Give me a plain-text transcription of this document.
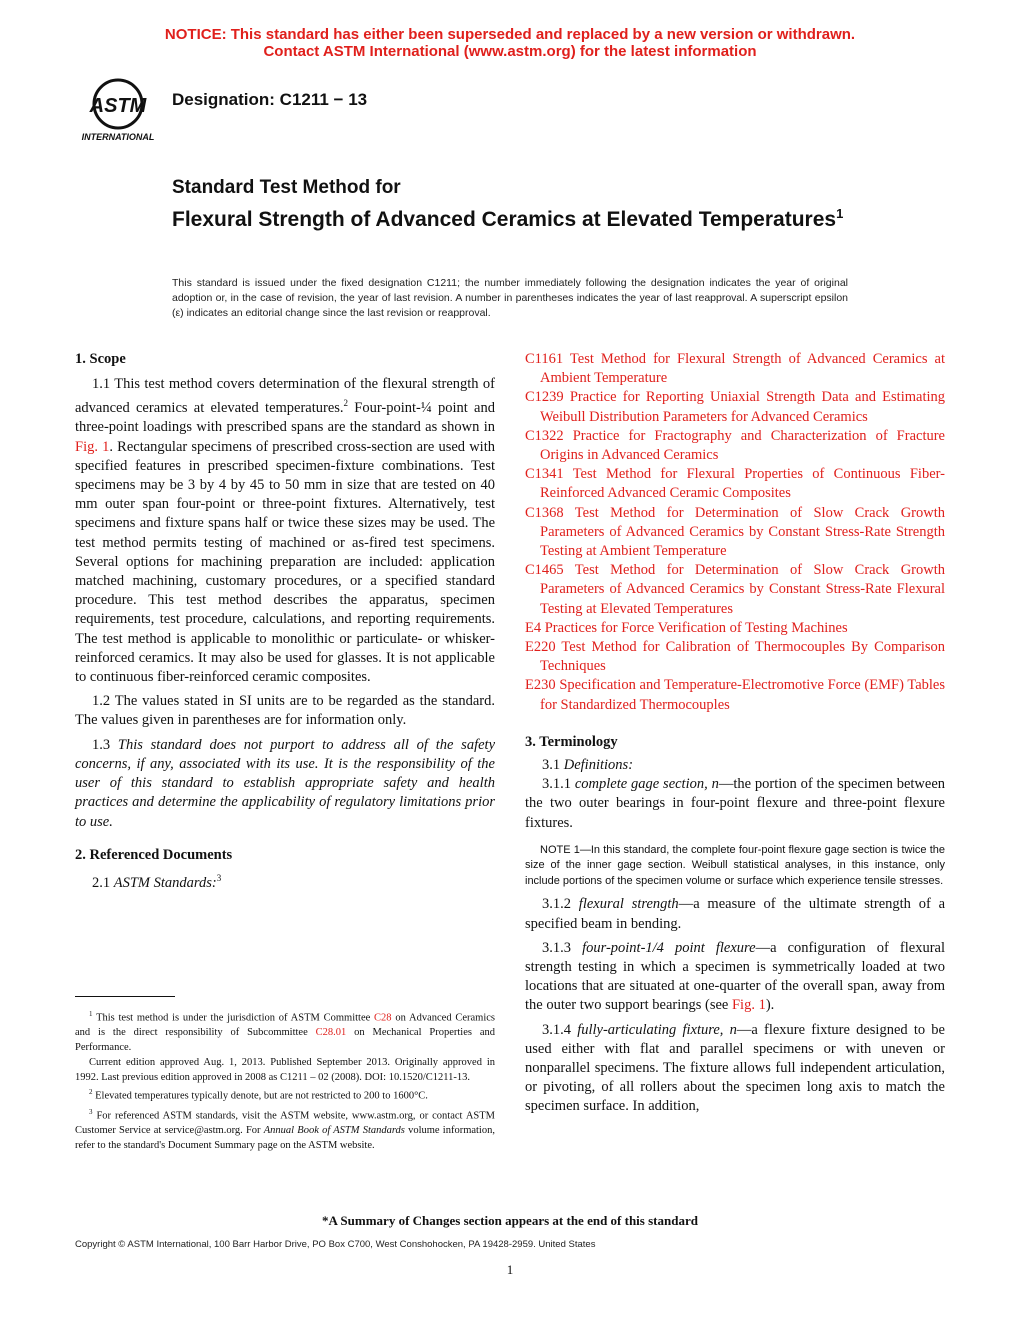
NOTICE: This standard has either been superseded and replaced by a new version or withdrawn.
Contact ASTM International (www.astm.org) for the latest information
ASTM
INTERNATIONAL
Designation: C1211 − 13
Standard Test Method for
Flexural Strength of Advanced Ceramics at Elevated Temperatures$^1$
This standard is issued under the fixed designation C1211; the number immediately following the designation indicates the year of original adoption or, in the case of revision, the year of last revision. A number in parentheses indicates the year of last reapproval. A superscript epsilon (ε) indicates an editorial change since the last revision or reapproval.
1. Scope
1.1 This test method covers determination of the flexural strength of advanced ceramics at elevated temperatures.$^2$ Four-point-¼ point and three-point loadings with prescribed spans are the standard as shown in Fig. 1. Rectangular specimens of prescribed cross-section are used with specified features in prescribed specimen-fixture combinations. Test specimens may be 3 by 4 by 45 to 50 mm in size that are tested on 40 mm outer span four-point or three-point fixtures. Alternatively, test specimens and fixture spans half or twice these sizes may be used. The test method permits testing of machined or as-fired test specimens. Several options for machining preparation are included: application matched machining, customary procedures, or a specified standard procedure. This test method describes the apparatus, specimen requirements, test procedure, calculations, and reporting requirements. The test method is applicable to monolithic or particulate- or whisker-reinforced ceramics. It may also be used for glasses. It is not applicable to continuous fiber-reinforced ceramic composites.
1.2 The values stated in SI units are to be regarded as the standard. The values given in parentheses are for information only.
1.3 This standard does not purport to address all of the safety concerns, if any, associated with its use. It is the responsibility of the user of this standard to establish appropriate safety and health practices and determine the applicability of regulatory limitations prior to use.
2. Referenced Documents
2.1 ASTM Standards:$^3$
$^1$ This test method is under the jurisdiction of ASTM Committee C28 on Advanced Ceramics and is the direct responsibility of Subcommittee C28.01 on Mechanical Properties and Performance.
Current edition approved Aug. 1, 2013. Published September 2013. Originally approved in 1992. Last previous edition approved in 2008 as C1211 – 02 (2008). DOI: 10.1520/C1211-13.
$^2$ Elevated temperatures typically denote, but are not restricted to 200 to 1600°C.
$^3$ For referenced ASTM standards, visit the ASTM website, www.astm.org, or contact ASTM Customer Service at service@astm.org. For Annual Book of ASTM Standards volume information, refer to the standard's Document Summary page on the ASTM website.
C1161 Test Method for Flexural Strength of Advanced Ceramics at Ambient Temperature
C1239 Practice for Reporting Uniaxial Strength Data and Estimating Weibull Distribution Parameters for Advanced Ceramics
C1322 Practice for Fractography and Characterization of Fracture Origins in Advanced Ceramics
C1341 Test Method for Flexural Properties of Continuous Fiber-Reinforced Advanced Ceramic Composites
C1368 Test Method for Determination of Slow Crack Growth Parameters of Advanced Ceramics by Constant Stress-Rate Strength Testing at Ambient Temperature
C1465 Test Method for Determination of Slow Crack Growth Parameters of Advanced Ceramics by Constant Stress-Rate Flexural Testing at Elevated Temperatures
E4 Practices for Force Verification of Testing Machines
E220 Test Method for Calibration of Thermocouples By Comparison Techniques
E230 Specification and Temperature-Electromotive Force (EMF) Tables for Standardized Thermocouples
3. Terminology
3.1 Definitions:
3.1.1 complete gage section, n—the portion of the specimen between the two outer bearings in four-point flexure and three-point flexure fixtures.
NOTE 1—In this standard, the complete four-point flexure gage section is twice the size of the inner gage section. Weibull statistical analyses, in this instance, only include portions of the specimen volume or surface which experience tensile stresses.
3.1.2 flexural strength—a measure of the ultimate strength of a specified beam in bending.
3.1.3 four-point-1/4 point flexure—a configuration of flexural strength testing in which a specimen is symmetrically loaded at two locations that are situated at one-quarter of the overall span, away from the outer two support bearings (see Fig. 1).
3.1.4 fully-articulating fixture, n—a flexure fixture designed to be used either with flat and parallel specimens or with uneven or nonparallel specimens. The fixture allows full independent articulation, or pivoting, of all rollers about the specimen long axis to match the specimen surface. In addition,
*A Summary of Changes section appears at the end of this standard
Copyright © ASTM International, 100 Barr Harbor Drive, PO Box C700, West Conshohocken, PA 19428-2959. United States
1
